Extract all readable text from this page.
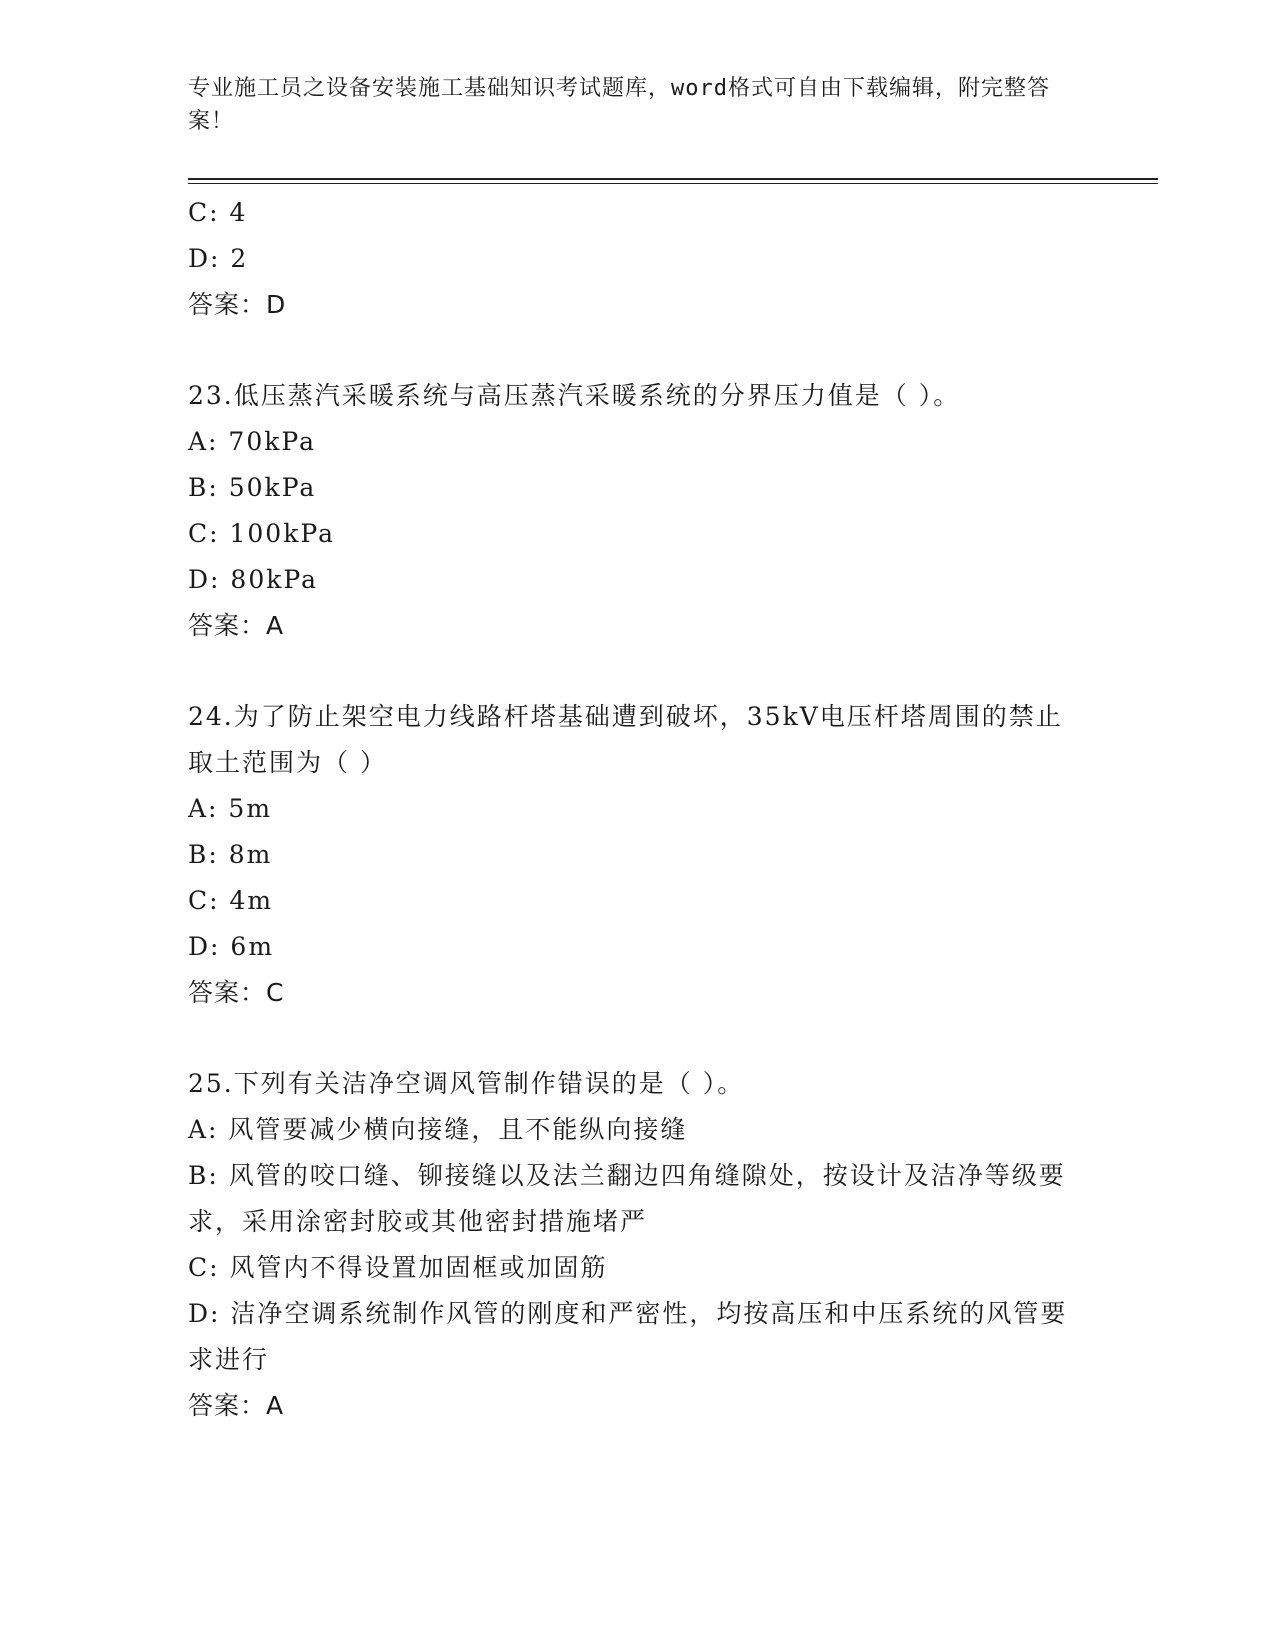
专业施工员之设备安装施工基础知识考试题库，word格式可自由下载编辑，附完整答案！
C: 4
D: 2
答案：D
23.低压蒸汽采暖系统与高压蒸汽采暖系统的分界压力值是（ ）。
A: 70kPa
B: 50kPa
C: 100kPa
D: 80kPa
答案：A
24.为了防止架空电力线路杆塔基础遭到破坏，35kV电压杆塔周围的禁止取土范围为（ ）
A: 5m
B: 8m
C: 4m
D: 6m
答案：C
25.下列有关洁净空调风管制作错误的是（ ）。
A: 风管要减少横向接缝，且不能纵向接缝
B: 风管的咬口缝、铆接缝以及法兰翻边四角缝隙处，按设计及洁净等级要求，采用涂密封胶或其他密封措施堵严
C: 风管内不得设置加固框或加固筋
D: 洁净空调系统制作风管的刚度和严密性，均按高压和中压系统的风管要求进行
答案：A
